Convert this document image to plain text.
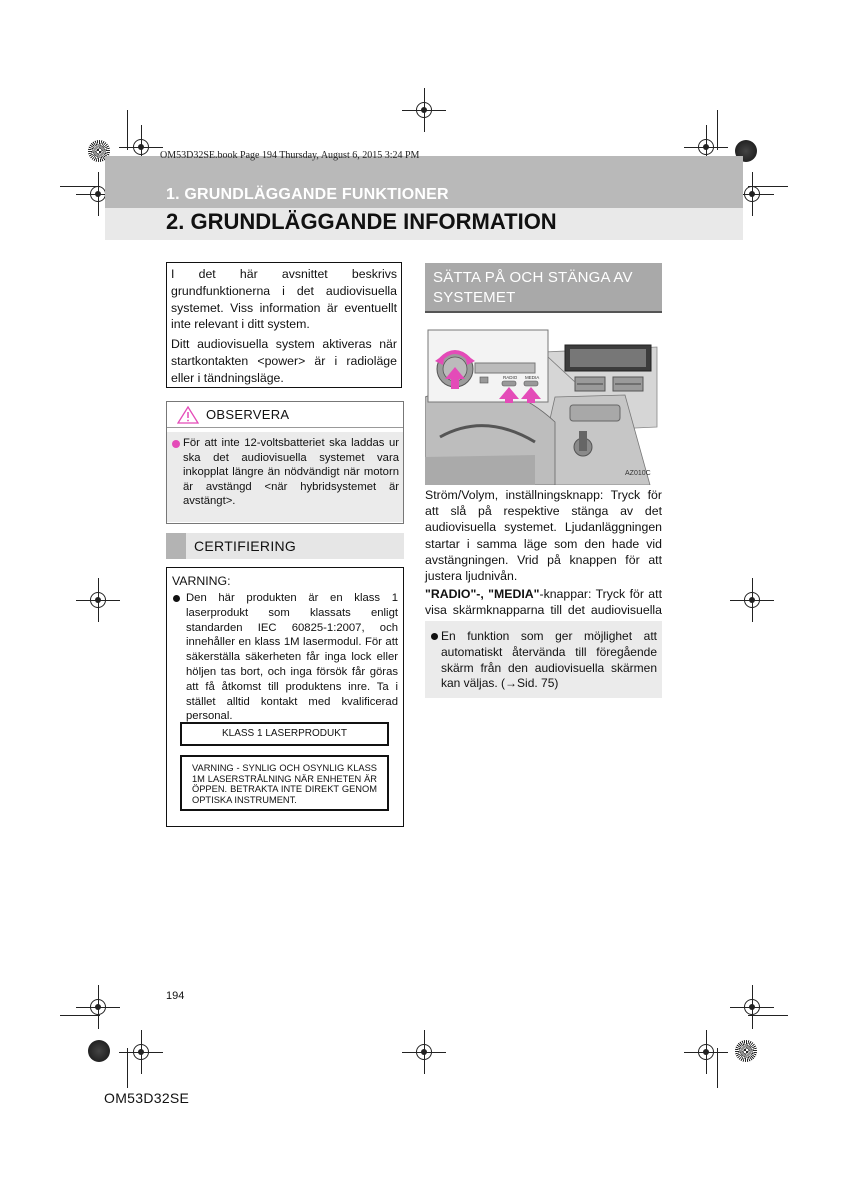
OM53D32SE.book Page 194 Thursday, August 6, 2015 3:24 PM
1. GRUNDLÄGGANDE FUNKTIONER
2. GRUNDLÄGGANDE INFORMATION

I det här avsnittet beskrivs grundfunktionerna i det audiovisuella systemet. Viss information är eventuellt inte relevant i ditt system.

Ditt audiovisuella system aktiveras när startkontakten <power> är i radioläge eller i tändningsläge.

OBSERVERA
För att inte 12-voltsbatteriet ska laddas ur ska det audiovisuella systemet vara inkopplat längre än nödvändigt när motorn är avstängd <när hybridsystemet är avstängt>.
CERTIFIERING
VARNING:
Den här produkten är en klass 1 laserprodukt som klassats enligt standarden IEC 60825-1:2007, och innehåller en klass 1M lasermodul. För att säkerställa säkerheten får inga lock eller höljen tas bort, och inga försök får göras att få åtkomst till produktens inre. Ta i stället alltid kontakt med kvalificerad personal.
KLASS 1 LASERPRODUKT
VARNING - SYNLIG OCH OSYNLIG KLASS 1M LASERSTRÅLNING NÄR ENHETEN ÄR ÖPPEN. BETRAKTA INTE DIREKT GENOM OPTISKA INSTRUMENT.
SÄTTA PÅ OCH STÄNGA AV SYSTEMET
RADIO MEDIA
AZ010C

Ström/Volym, inställningsknapp: Tryck för att slå på respektive stänga av det audiovisuella systemet. Ljudanläggningen startar i samma läge som den hade vid avstängningen. Vrid på knappen för att justera ljudnivån.

"RADIO"-, "MEDIA"-knappar: Tryck för att visa skärmknapparna till det audiovisuella

En funktion som ger möjlighet att automatiskt återvända till föregående skärm från den audiovisuella skärmen kan väljas. (→Sid. 75)
194
OM53D32SE
